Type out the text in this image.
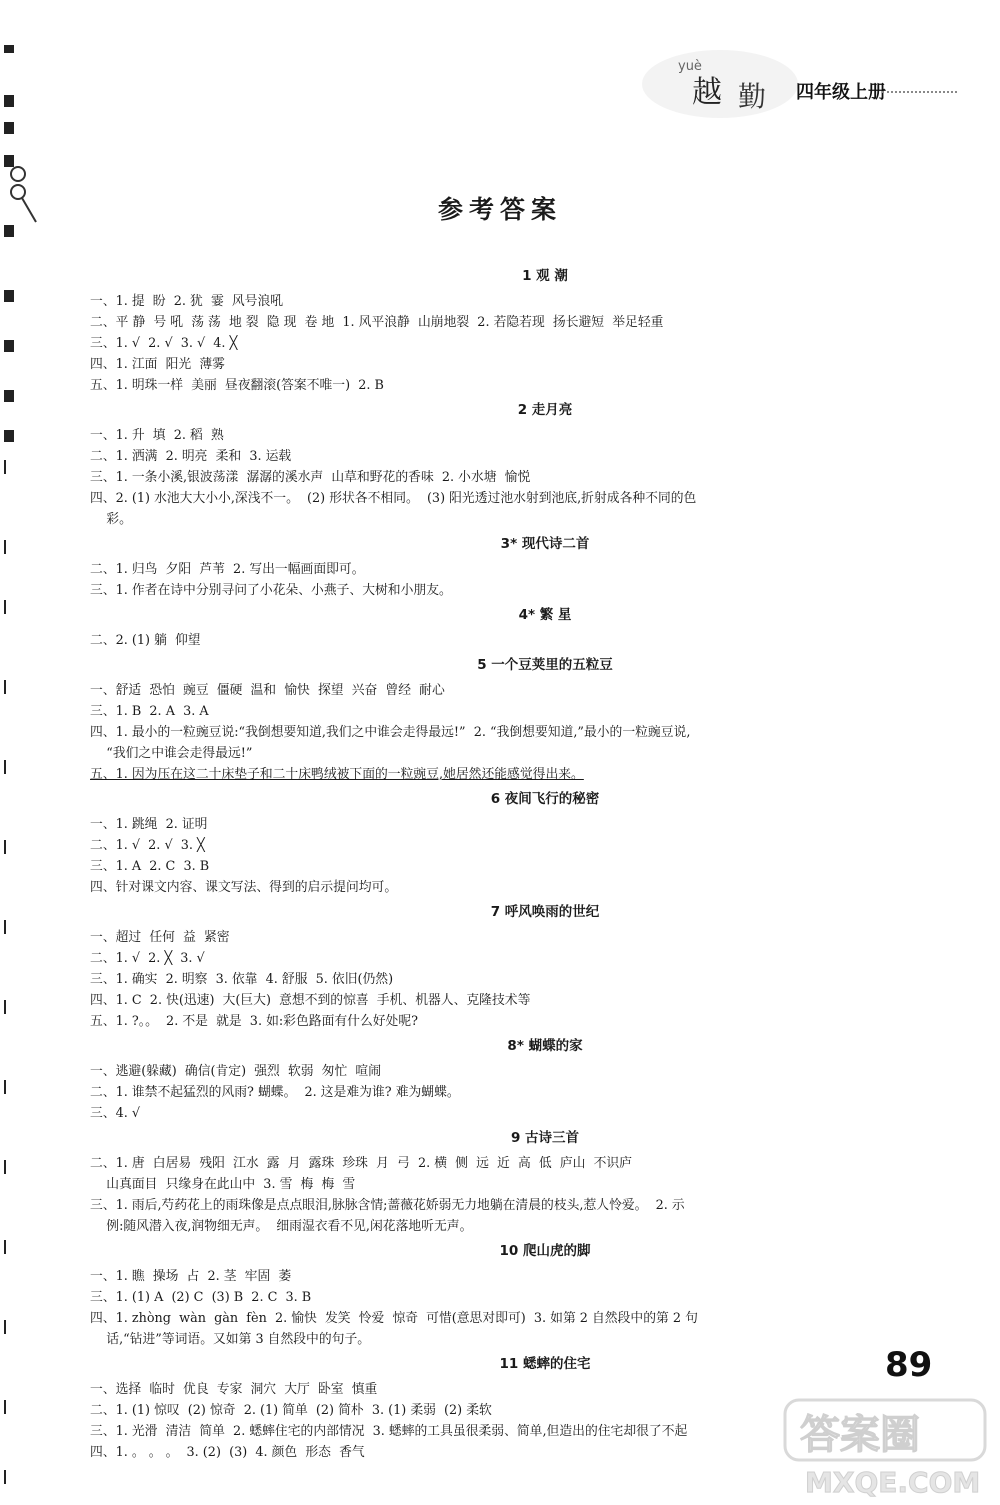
yuè
越 勤 四年级上册
参考答案
1 观 潮
一、1. 提  盼  2. 犹  霎  风号浪吼
二、平 静  号 吼  荡 荡  地 裂  隐 现  卷 地  1. 风平浪静  山崩地裂  2. 若隐若现  扬长避短  举足轻重
三、1. √  2. √  3. √  4. ╳
四、1. 江面  阳光  薄雾
五、1. 明珠一样  美丽  昼夜翻滚(答案不唯一)  2. B
2 走月亮
一、1. 升  填  2. 稻  熟
二、1. 洒满  2. 明亮  柔和  3. 运载
三、1. 一条小溪,银波荡漾  潺潺的溪水声  山草和野花的香味  2. 小水塘  愉悦
四、2. (1) 水池大大小小,深浅不一。  (2) 形状各不相同。  (3) 阳光透过池水射到池底,折射成各种不同的色
彩。
3* 现代诗二首
二、1. 归鸟  夕阳  芦苇  2. 写出一幅画面即可。
三、1. 作者在诗中分别寻问了小花朵、小燕子、大树和小朋友。
4* 繁 星
二、2. (1) 躺  仰望
5 一个豆荚里的五粒豆
一、舒适  恐怕  豌豆  僵硬  温和  愉快  探望  兴奋  曾经  耐心
三、1. B  2. A  3. A
四、1. 最小的一粒豌豆说:“我倒想要知道,我们之中谁会走得最远!”  2. “我倒想要知道,”最小的一粒豌豆说,
“我们之中谁会走得最远!”
五、1. 因为压在这二十床垫子和二十床鸭绒被下面的一粒豌豆,她居然还能感觉得出来。
6 夜间飞行的秘密
一、1. 跳绳  2. 证明
二、1. √  2. √  3. ╳
三、1. A  2. C  3. B
四、针对课文内容、课文写法、得到的启示提问均可。
7 呼风唤雨的世纪
一、超过  任何  益  紧密
二、1. √  2. ╳  3. √
三、1. 确实  2. 明察  3. 依靠  4. 舒服  5. 依旧(仍然)
四、1. C  2. 快(迅速)  大(巨大)  意想不到的惊喜  手机、机器人、克隆技术等
五、1. ?。。  2. 不是  就是  3. 如:彩色路面有什么好处呢?
8* 蝴蝶的家
一、逃避(躲藏)  确信(肯定)  强烈  软弱  匆忙  喧闹
二、1. 谁禁不起猛烈的风雨? 蝴蝶。  2. 这是难为谁? 难为蝴蝶。
三、4. √
9 古诗三首
二、1. 唐  白居易  残阳  江水  露  月  露珠  珍珠  月  弓  2. 横  侧  远  近  高  低  庐山  不识庐
山真面目  只缘身在此山中  3. 雪  梅  梅  雪
三、1. 雨后,芍药花上的雨珠像是点点眼泪,脉脉含情;蔷薇花娇弱无力地躺在清晨的枝头,惹人怜爱。  2. 示
例:随风潜入夜,润物细无声。  细雨湿衣看不见,闲花落地听无声。
10 爬山虎的脚
一、1. 瞧  操场  占  2. 茎  牢固  萎
三、1. (1) A  (2) C  (3) B  2. C  3. B
四、1. zhòng  wàn  gàn  fèn  2. 愉快  发笑  怜爱  惊奇  可惜(意思对即可)  3. 如第 2 自然段中的第 2 句
话,“钻进”等词语。又如第 3 自然段中的句子。
11 蟋蟀的住宅
一、选择  临时  优良  专家  洞穴  大厅  卧室  慎重
二、1. (1) 惊叹  (2) 惊奇  2. (1) 简单  (2) 简朴  3. (1) 柔弱  (2) 柔软
三、1. 光滑  清洁  简单  2. 蟋蟀住宅的内部情况  3. 蟋蟀的工具虽很柔弱、简单,但造出的住宅却很了不起
四、1. 。 。 。  3. (2)  (3)  4. 颜色  形态  香气
89
答案圈
MXQE.COM
